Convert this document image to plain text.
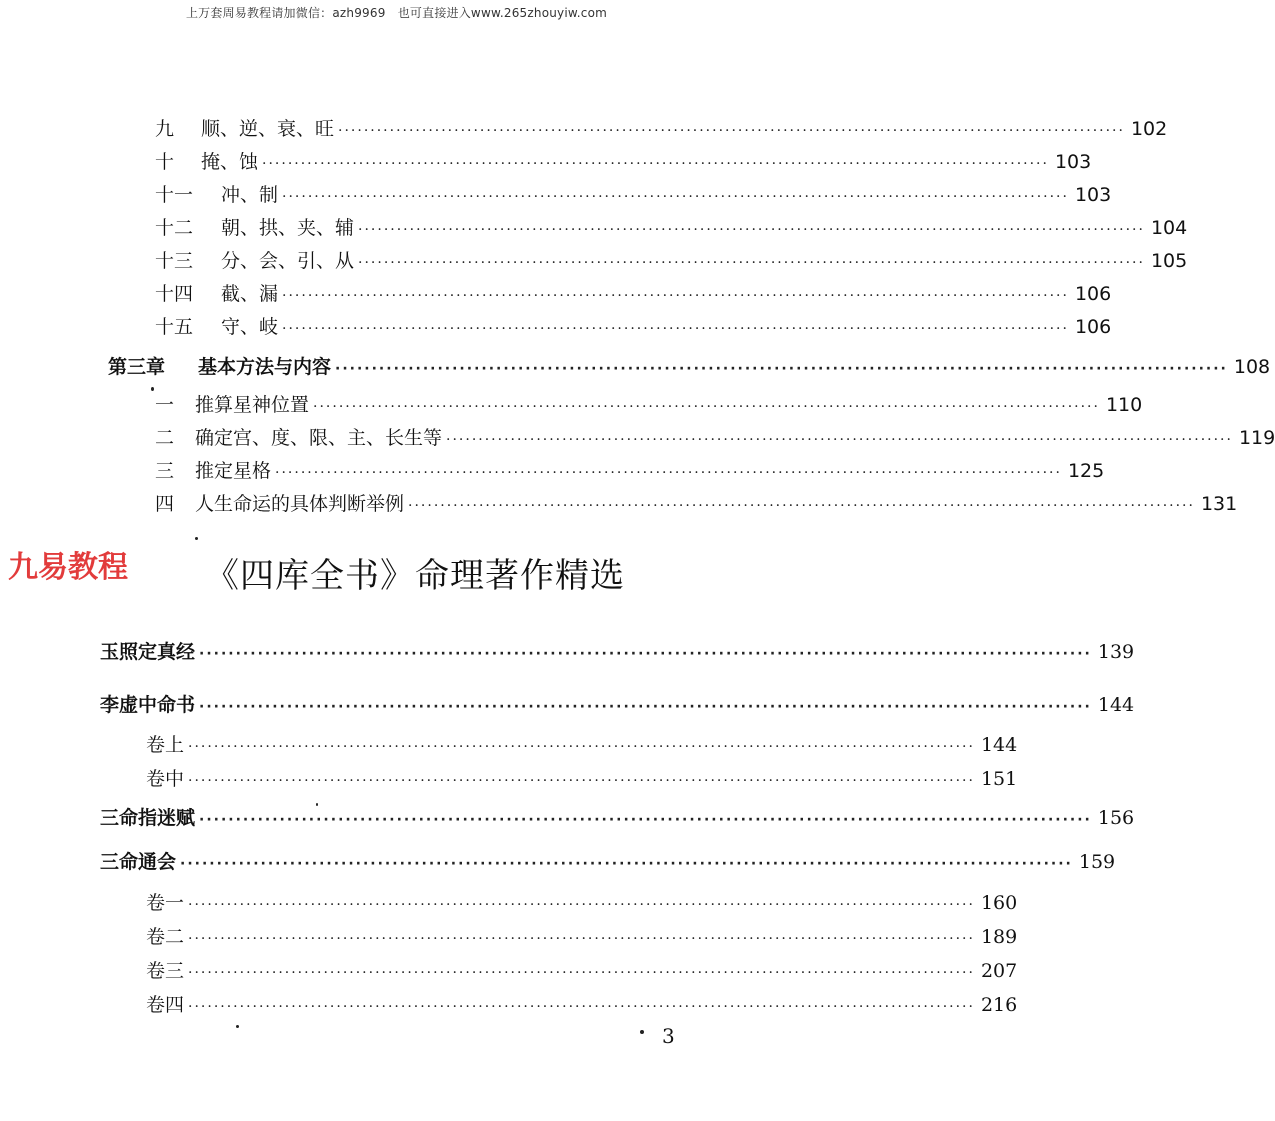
上万套周易教程请加微信：azh9969　也可直接进入www.265zhouyiw.com
九	顺、逆、衰、旺 ·························································································································· 102
十	掩、蚀 ·························································································································· 103
十一	冲、制 ·························································································································· 103
十二	朝、拱、夹、辅 ·························································································································· 104
十三	分、会、引、从 ·························································································································· 105
十四	截、漏 ·························································································································· 106
十五	守、岐 ·························································································································· 106
第三章	基本方法与内容 ·························································································································· 108
一	推算星神位置 ·························································································································· 110
二	确定宫、度、限、主、长生等 ·························································································································· 119
三	推定星格 ·························································································································· 125
四	人生命运的具体判断举例 ·························································································································· 131
九易教程 《四库全书》命理著作精选
玉照定真经 ·························································································································· 139
李虚中命书 ·························································································································· 144
卷上 ·························································································································· 144
卷中 ·························································································································· 151
三命指迷赋 ·························································································································· 156
三命通会 ·························································································································· 159
卷一 ·························································································································· 160
卷二 ·························································································································· 189
卷三 ·························································································································· 207
卷四 ·························································································································· 216
3
